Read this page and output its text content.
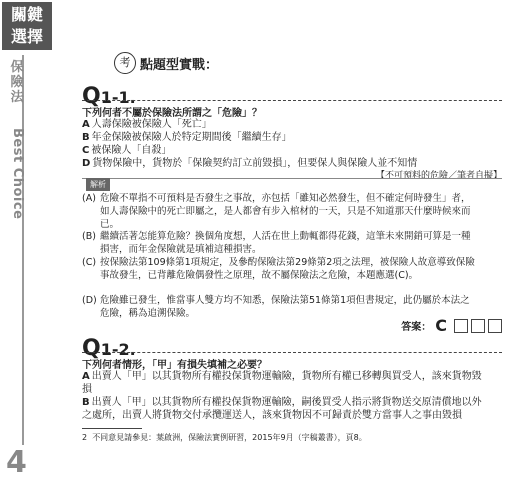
關鍵
選擇
保險法
Best Choice
4
考 點題型實戰：
Q1-1.
下列何者不屬於保險法所謂之「危險」？
A 人壽保險被保險人「死亡」
B 年金保險被保險人於特定期間後「繼續生存」
C 被保險人「自殺」
D 貨物保險中，貨物於「保險契約訂立前毀損」，但要保人與保險人並不知情
【不可預料的危險／筆者自擬】
解析
(A) 危險不單指不可預料是否發生之事故，亦包括「雖知必然發生，但不確定何時發生」者，如人壽保險中的死亡即屬之，是人都會有步入棺材的一天，只是不知道那天什麼時候來而已。
(B) 繼續活著怎能算危險？換個角度想，人活在世上動輒都得花錢，這筆未來開銷可算是一種損害，而年金保險就是填補這種損害。
(C) 按保險法第109條第1項規定，及參酌保險法第29條第2項之法理，被保險人故意導致保險事故發生，已背離危險偶發性之原理，故不屬保險法之危險，本題應選(C)。
(D) 危險雖已發生，惟當事人雙方均不知悉，保險法第51條第1項但書規定，此仍屬於本法之危險，稱為追溯保險。
答案： C
Q1-2.
下列何者情形，「甲」有損失填補之必要？
A 出賣人「甲」以其貨物所有權投保貨物運輸險，貨物所有權已移轉與買受人，該來貨物毀損
B 出賣人「甲」以其貨物所有權投保貨物運輸險，嗣後買受人指示將貨物送交原清償地以外之處所，出賣人將貨物交付承攬運送人，該來貨物因不可歸責於雙方當事人之事由毀損
2 不同意見請參見：葉啟洲，保險法實例研習，2015年9月（字稿叢書），頁8。
